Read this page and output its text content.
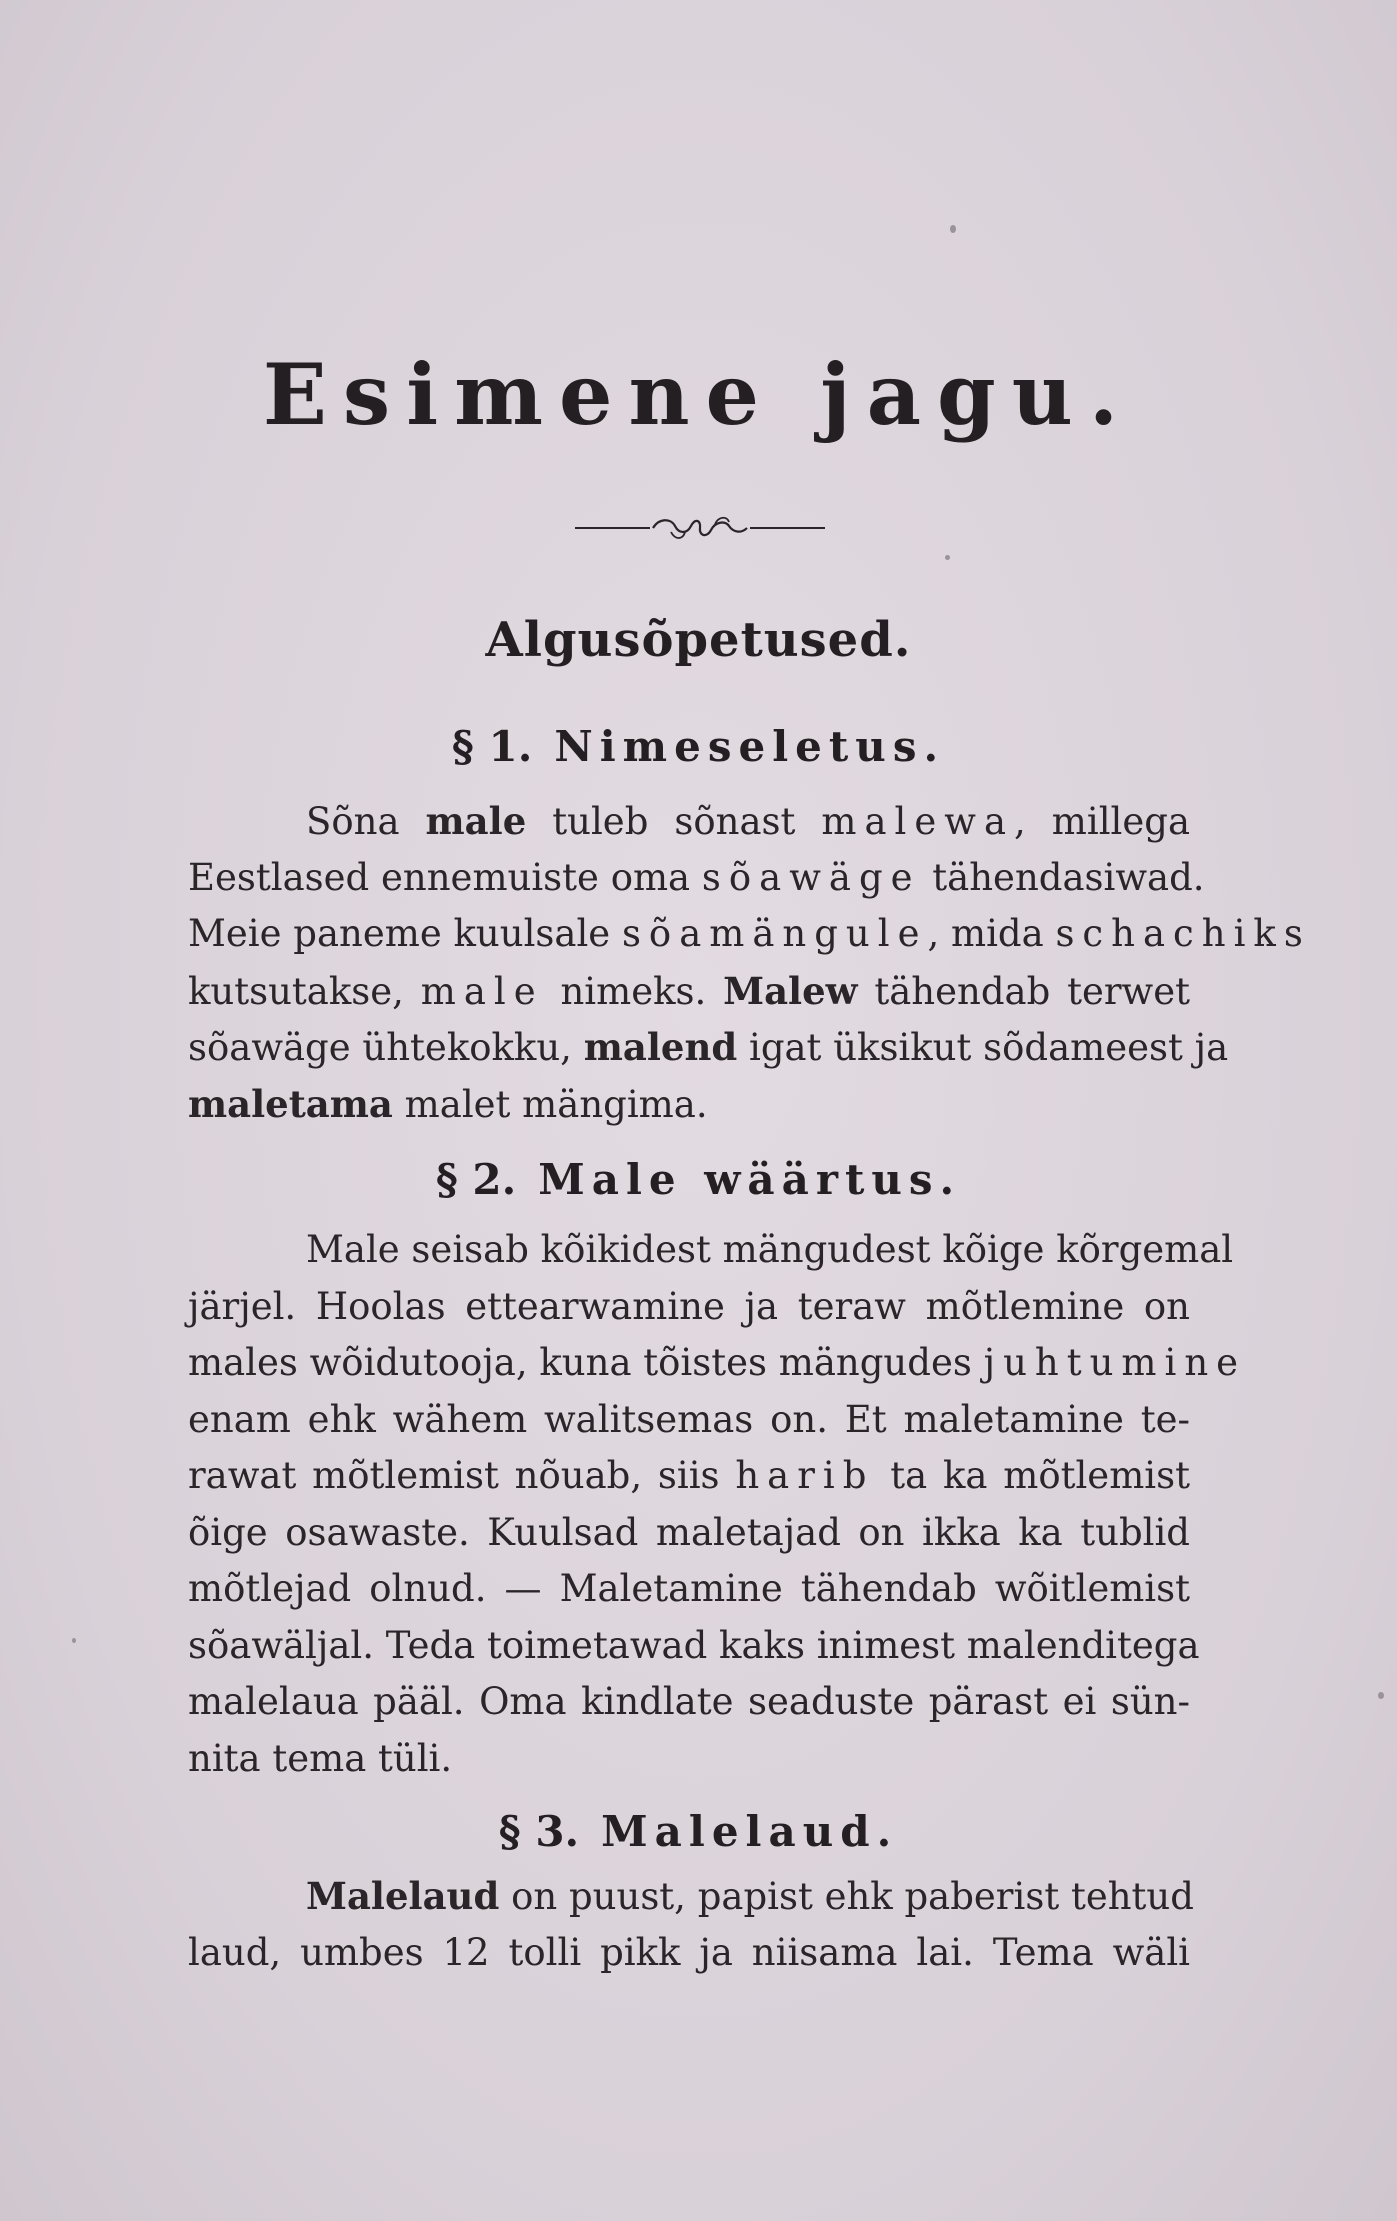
Esimene jagu.
Algusõpetused.
§ 1. Nimeseletus.
Sõna male tuleb sõnast malewa, millega
Eestlased ennemuiste oma sõawäge tähendasiwad.
Meie paneme kuulsale sõamängule, mida schachiks
kutsutakse, male nimeks. Malew tähendab terwet
sõawäge ühtekokku, malend igat üksikut sõdameest ja
maletama malet mängima.
§ 2. Male wäärtus.
Male seisab kõikidest mängudest kõige kõrgemal
järjel. Hoolas ettearwamine ja teraw mõtlemine on
males wõidutooja, kuna tõistes mängudes juhtumine
enam ehk wähem walitsemas on. Et maletamine te-
rawat mõtlemist nõuab, siis harib ta ka mõtlemist
õige osawaste. Kuulsad maletajad on ikka ka tublid
mõtlejad olnud. — Maletamine tähendab wõitlemist
sõawäljal. Teda toimetawad kaks inimest malenditega
malelaua pääl. Oma kindlate seaduste pärast ei sün-
nita tema tüli.
§ 3. Malelaud.
Malelaud on puust, papist ehk paberist tehtud
laud, umbes 12 tolli pikk ja niisama lai. Tema wäli
